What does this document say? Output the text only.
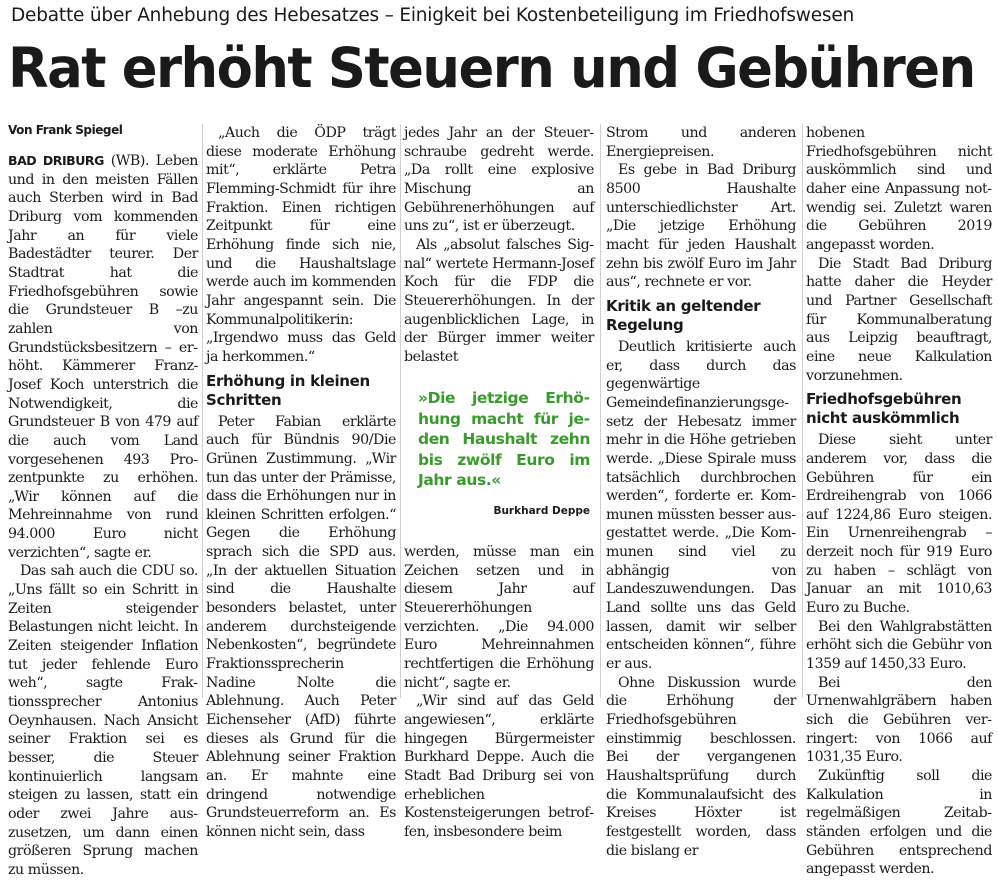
Debatte über Anhebung des Hebesatzes – Einigkeit bei Kostenbeteiligung im Friedhofswesen
Rat erhöht Steuern und Gebühren

Von Frank Spiegel

BAD DRIBURG (WB). Leben und in den meisten Fällen auch Sterben wird in Bad Driburg vom kommenden Jahr an für viele Badestädter teurer. Der Stadtrat hat die Friedhofsgebühren sowie die Grundsteuer B –zu zahlen von Grundstücksbesitzern – erhöht. Kämmerer Franz-Josef Koch unterstrich die Notwendigkeit, die Grundsteuer B von 479 auf die auch vom Land vorgesehenen 493 Prozentpunkte zu erhöhen. „Wir können auf die Mehreinnahme von rund 94.000 Euro nicht verzichten“, sagte er.

Das sah auch die CDU so. „Uns fällt so ein Schritt in Zeiten steigender Belastungen nicht leicht. In Zeiten steigender Inflation tut jeder fehlende Euro weh“, sagte Fraktionssprecher Antonius Oeynhausen. Nach Ansicht seiner Fraktion sei es besser, die Steuer kontinuierlich langsam steigen zu lassen, statt ein oder zwei Jahre auszusetzen, um dann einen größeren Sprung machen zu müssen.

„Auch die ÖDP trägt diese moderate Erhöhung mit“, erklärte Petra Flemming-Schmidt für ihre Fraktion. Einen richtigen Zeitpunkt für eine Erhöhung finde sich nie, und die Haushaltslage werde auch im kommenden Jahr angespannt sein. Die Kommunalpolitikerin: „Irgendwo muss das Geld ja herkommen.“

Erhöhung in kleinen Schritten

Peter Fabian erklärte auch für Bündnis 90/Die Grünen Zustimmung. „Wir tun das unter der Prämisse, dass die Erhöhungen nur in kleinen Schritten erfolgen.“ Gegen die Erhöhung sprach sich die SPD aus. „In der aktuellen Situation sind die Haushalte besonders belastet, unter anderem durchsteigende Nebenkosten“, begründete Fraktionssprecherin Nadine Nolte die Ablehnung. Auch Peter Eichenseher (AfD) führte dieses als Grund für die Ablehnung seiner Fraktion an. Er mahnte eine dringend notwendige Grundsteuerreform an. Es können nicht sein, dass

jedes Jahr an der Steuerschraube gedreht werde. „Da rollt eine explosive Mischung an Gebührenerhöhungen auf uns zu“, ist er überzeugt.

Als „absolut falsches Signal“ wertete Hermann-Josef Koch für die FDP die Steuererhöhungen. In der augenblicklichen Lage, in der Bürger immer weiter belastet

»Die jetzige Erhöhung macht für jeden Haushalt zehn bis zwölf Euro im Jahr aus.«
Burkhard Deppe

werden, müsse man ein Zeichen setzen und in diesem Jahr auf Steuererhöhungen verzichten. „Die 94.000 Euro Mehreinnahmen rechtfertigen die Erhöhung nicht“, sagte er.

„Wir sind auf das Geld angewiesen“, erklärte hingegen Bürgermeister Burkhard Deppe. Auch die Stadt Bad Driburg sei von erheblichen Kostensteigerungen betroffen, insbesondere beim

Strom und anderen Energiepreisen.

Es gebe in Bad Driburg 8500 Haushalte unterschiedlichster Art. „Die jetzige Erhöhung macht für jeden Haushalt zehn bis zwölf Euro im Jahr aus“, rechnete er vor.

Kritik an geltender Regelung

Deutlich kritisierte auch er, dass durch das gegenwärtige Gemeindefinanzierungsgesetz der Hebesatz immer mehr in die Höhe getrieben werde. „Diese Spirale muss tatsächlich durchbrochen werden“, forderte er. Kommunen müssten besser ausgestattet werde. „Die Kommunen sind viel zu abhängig von Landeszuwendungen. Das Land sollte uns das Geld lassen, damit wir selber entscheiden können“, führe er aus.

Ohne Diskussion wurde die Erhöhung der Friedhofsgebühren einstimmig beschlossen. Bei der vergangenen Haushaltsprüfung durch die Kommunalaufsicht des Kreises Höxter ist festgestellt worden, dass die bislang er

hobenen Friedhofsgebühren nicht auskömmlich sind und daher eine Anpassung notwendig sei. Zuletzt waren die Gebühren 2019 angepasst worden.

Die Stadt Bad Driburg hatte daher die Heyder und Partner Gesellschaft für Kommunalberatung aus Leipzig beauftragt, eine neue Kalkulation vorzunehmen.

Friedhofsgebühren nicht auskömmlich

Diese sieht unter anderem vor, dass die Gebühren für ein Erdreihengrab von 1066 auf 1224,86 Euro steigen. Ein Urnenreihengrab – derzeit noch für 919 Euro zu haben – schlägt von Januar an mit 1010,63 Euro zu Buche.

Bei den Wahlgrabstätten erhöht sich die Gebühr von 1359 auf 1450,33 Euro.

Bei den Urnenwahlgräbern haben sich die Gebühren verringert: von 1066 auf 1031,35 Euro.

Zukünftig soll die Kalkulation in regelmäßigen Zeitabständen erfolgen und die Gebühren entsprechend angepasst werden.
